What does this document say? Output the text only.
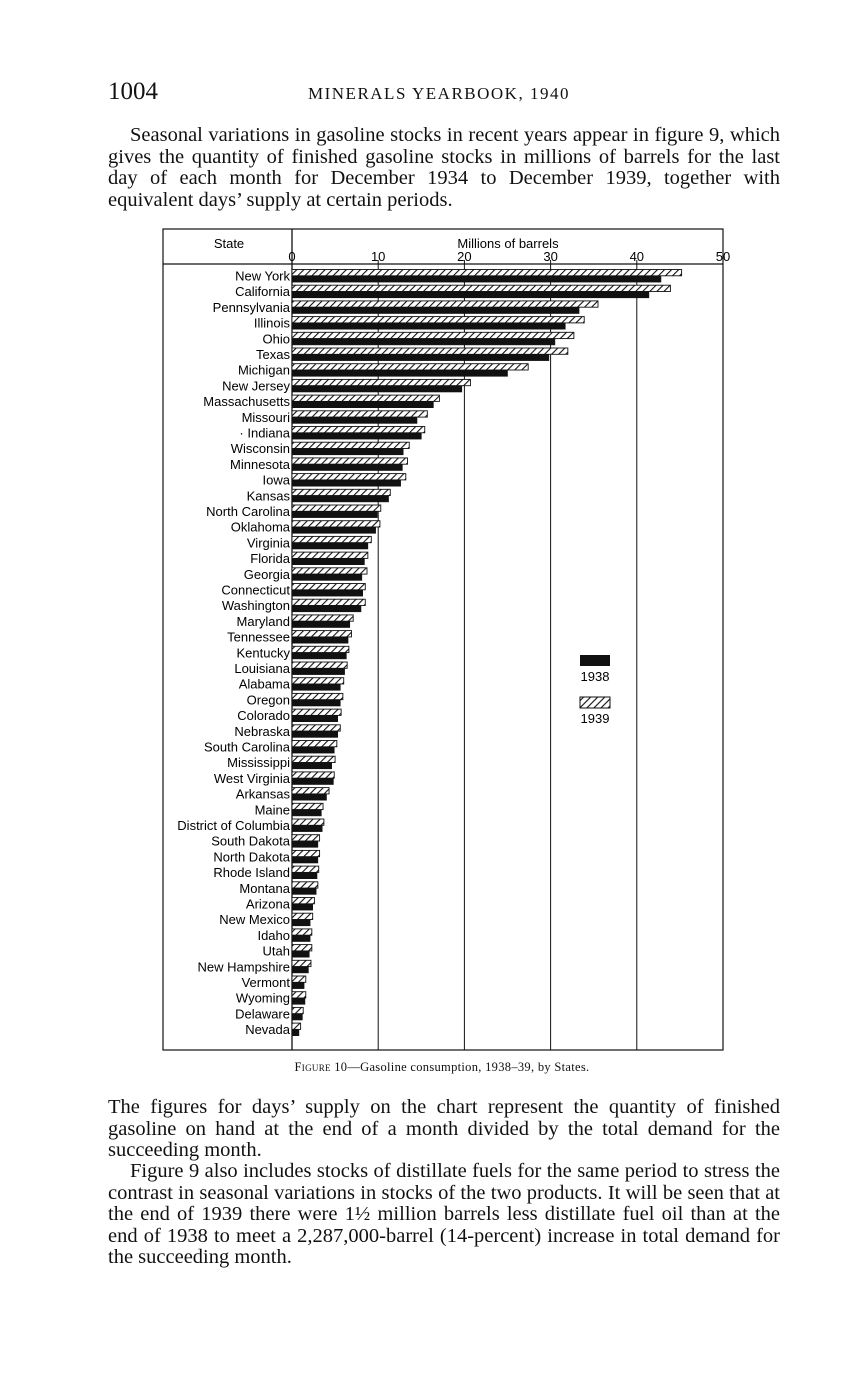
1004	MINERALS YEARBOOK, 1940

Seasonal variations in gasoline stocks in recent years appear in figure 9, which gives the quantity of finished gasoline stocks in millions of barrels for the last day of each month for December 1934 to December 1939, together with equivalent days’ supply at certain periods.

State	Millions of barrels
0	10	20	30	40	50
New York
California
Pennsylvania
Illinois
Ohio
Texas
Michigan
New Jersey
Massachusetts
Missouri
· Indiana
Wisconsin
Minnesota
Iowa
Kansas
North Carolina
Oklahoma
Virginia
Florida
Georgia
Connecticut
Washington
Maryland
Tennessee
Kentucky
Louisiana
Alabama
Oregon
Colorado
Nebraska
South Carolina
Mississippi
West Virginia
Arkansas
Maine
District of Columbia
South Dakota
North Dakota
Rhode Island
Montana
Arizona
New Mexico
Idaho
Utah
New Hampshire
Vermont
Wyoming
Delaware
Nevada
1938
1939
Figure 10—Gasoline consumption, 1938–39, by States.

The figures for days’ supply on the chart represent the quantity of finished gasoline on hand at the end of a month divided by the total demand for the succeeding month.

Figure 9 also includes stocks of distillate fuels for the same period to stress the contrast in seasonal variations in stocks of the two products. It will be seen that at the end of 1939 there were 1½ million barrels less distillate fuel oil than at the end of 1938 to meet a 2,287,000-barrel (14-percent) increase in total demand for the succeeding month.
